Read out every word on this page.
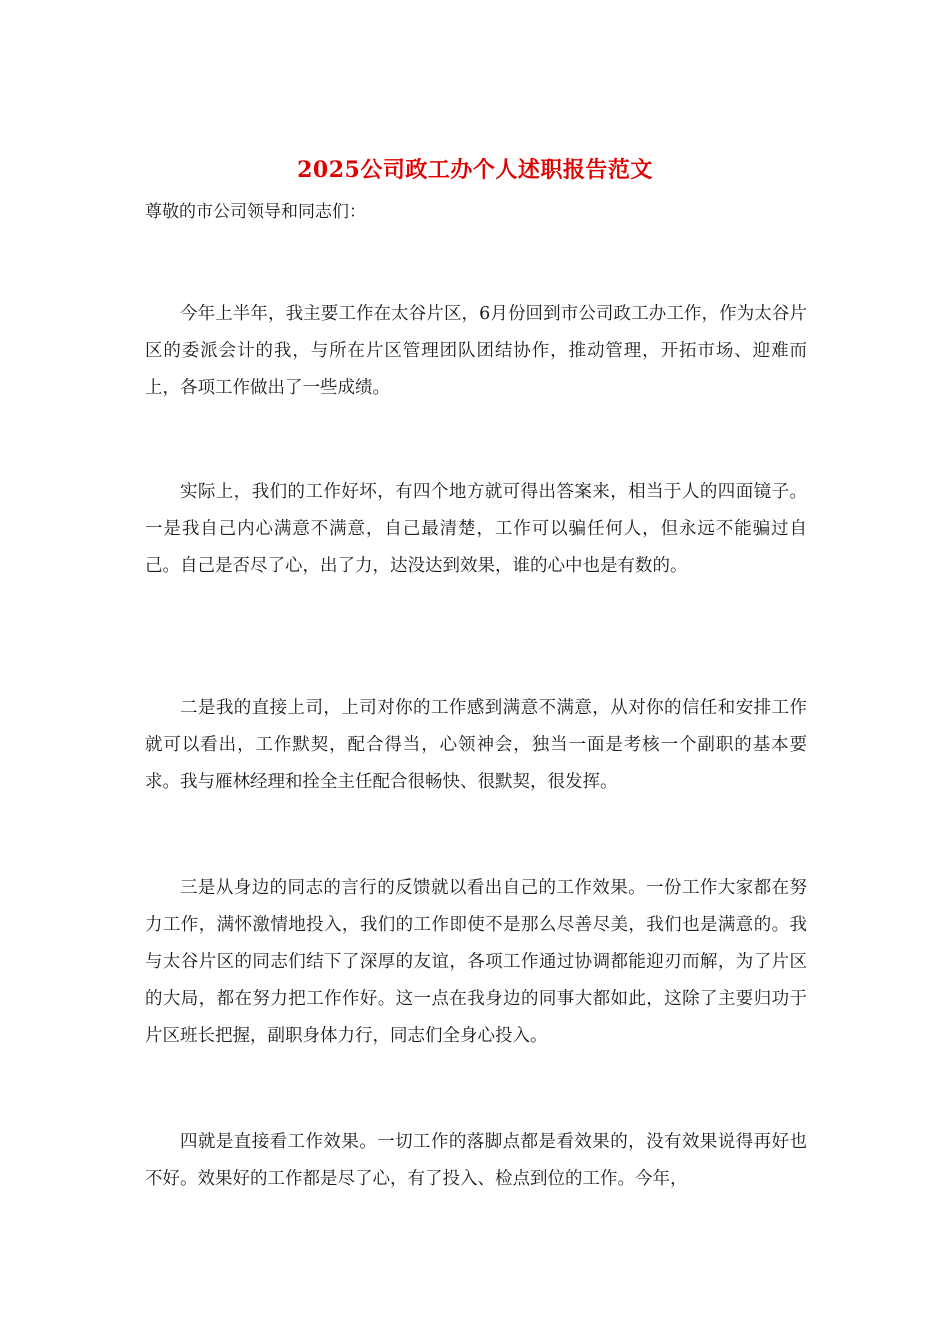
2025公司政工办个人述职报告范文
尊敬的市公司领导和同志们：

今年上半年，我主要工作在太谷片区，6月份回到市公司政工办工作，作为太谷片区的委派会计的我，与所在片区管理团队团结协作，推动管理，开拓市场、迎难而上，各项工作做出了一些成绩。

实际上，我们的工作好坏，有四个地方就可得出答案来，相当于人的四面镜子。一是我自己内心满意不满意，自己最清楚，工作可以骗任何人，但永远不能骗过自己。自己是否尽了心，出了力，达没达到效果，谁的心中也是有数的。

二是我的直接上司，上司对你的工作感到满意不满意，从对你的信任和安排工作就可以看出，工作默契，配合得当，心领神会，独当一面是考核一个副职的基本要求。我与雁林经理和拴全主任配合很畅快、很默契，很发挥。

三是从身边的同志的言行的反馈就以看出自己的工作效果。一份工作大家都在努力工作，满怀激情地投入，我们的工作即使不是那么尽善尽美，我们也是满意的。我与太谷片区的同志们结下了深厚的友谊，各项工作通过协调都能迎刃而解，为了片区的大局，都在努力把工作作好。这一点在我身边的同事大都如此，这除了主要归功于片区班长把握，副职身体力行，同志们全身心投入。

四就是直接看工作效果。一切工作的落脚点都是看效果的，没有效果说得再好也不好。效果好的工作都是尽了心，有了投入、检点到位的工作。今年，
